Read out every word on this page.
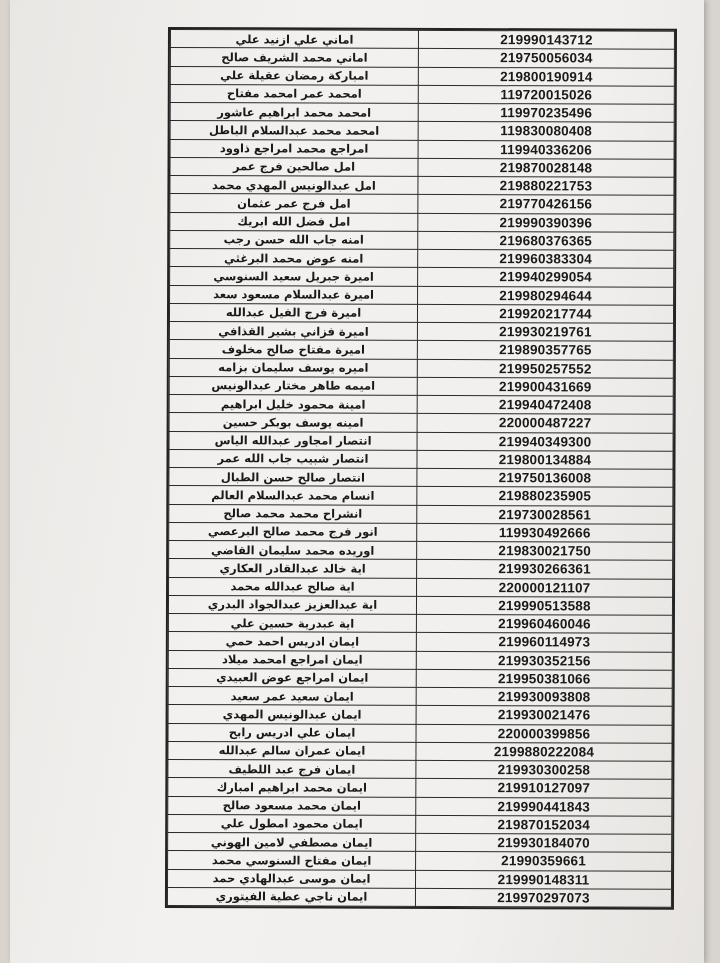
اماني علي ازنيد علي	219990143712
اماني محمد الشريف صالح	219750056034
امباركة رمضان عقيلة علي	219800190914
امحمد عمر امحمد مفتاح	119720015026
امحمد محمد ابراهيم عاشور	119970235496
امحمد محمد عبدالسلام الباطل	119830080408
امراجع محمد امراجع ذاوود	119940336206
امل صالحين فرج عمر	219870028148
امل عبدالونيس المهدي محمد	219880221753
امل فرج عمر عثمان	219770426156
امل فضل الله ابريك	219990390396
امنه جاب الله حسن رجب	219680376365
امنه عوض محمد البرغثي	219960383304
اميرة جبريل سعيد السنوسي	219940299054
اميرة عبدالسلام مسعود سعد	219980294644
اميرة فرج الفيل عبدالله	219920217744
اميرة فزاني بشير القذافي	219930219761
اميرة مفتاح صالح مخلوف	219890357765
اميره يوسف سليمان بزامه	219950257552
اميمه طاهر مختار عبدالونيس	219900431669
امينة محمود خليل ابراهيم	219940472408
امينه يوسف بوبكر حسين	220000487227
انتصار امجاور عبدالله الياس	219940349300
انتصار شبيب جاب الله عمر	219800134884
انتصار صالح حسن الطبال	219750136008
انسام محمد عبدالسلام العالم	219880235905
انشراح محمد محمد صالح	219730028561
انور فرج محمد صالح البرعصي	119930492666
اوريده محمد سليمان القاضي	219830021750
اية خالد عبدالقادر العكاري	219930266361
اية صالح عبدالله محمد	220000121107
اية عبدالعزيز عبدالجواد البدري	219990513588
اية عبدرية حسين علي	219960460046
ايمان ادريس احمد حمي	219960114973
ايمان امراجع امحمد ميلاد	219930352156
ايمان امراجع عوض العبيدي	219950381066
ايمان سعيد عمر سعيد	219930093808
ايمان عبدالونيس المهدي	219930021476
ايمان علي ادريس رابح	220000399856
ايمان عمران سالم عبدالله	2199880222084
ايمان فرج عبد اللطيف	219930300258
ايمان محمد ابراهيم امبارك	219910127097
ايمان محمد مسعود صالح	219990441843
ايمان محمود امطول علي	219870152034
ايمان مصطفي لامين الهوني	219930184070
ايمان مفتاح السنوسي محمد	21990359661
ايمان موسى عبدالهادي حمد	219990148311
ايمان ناجي عطية الفيتوري	219970297073
